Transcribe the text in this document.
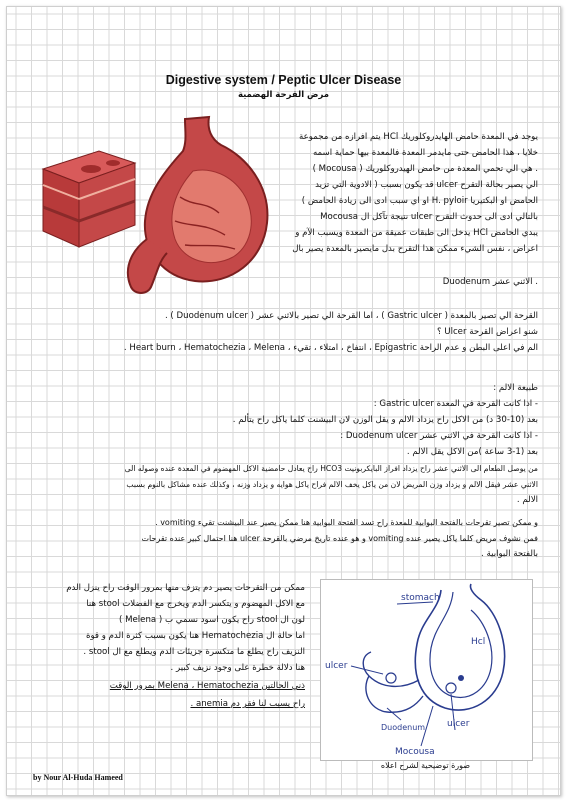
Digestive system / Peptic Ulcer Disease
مرض القرحة الهضمية
يوجد في المعدة حامض الهايدروكلوريك HCl يتم افرازه من مجموعة
خلايا ، هذا الحامض حتى مايدمر المعدة فالمعدة بيها حماية اسمه
( Mocousa ) هي الي تحمي المعدة من حامض الهيدروكلوريك .
الي يصير بحالة التقرح ulcer قد يكون بسبب ( الادوية التي تزيد
الحامض او البكتيريا H. pyloir او اي سبب ادى الى زيادة الحامض )
بالتالي ادى الى حدوث التقرح ulcer نتيجة تآكل ال Mocousa
يبدي الحامض HCl يدخل الى طبقات عميقة من المعدة ويسبب الآم و
اعراض ، نفس الشيء ممكن هذا التقرح بدل مايصير بالمعدة يصير بال
Duodenum الاثني عشر .
القرحة الي تصير بالمعدة ( Gastric ulcer ) ، اما القرحة الي تصير بالاثني عشر ( Duodenum ulcer ) .
شنو اعراض القرحة Ulcer ؟
الم في اعلى البطن و عدم الراحة Epigastric ، انتفاخ ، امتلاء ، تقيء ، Heart burn ، Hematochezia ، Melena .
طبيعة الالم :
- اذا كانت القرحة في المعدة Gastric ulcer :
بعد (10-30 د) من الاكل راح يزداد الالم و يقل الوزن لان البيشنت كلما ياكل راح يتألم .
- اذا كانت القرحة في الاثني عشر Duodenum ulcer :
بعد (1-3 ساعة )من الاكل يقل الالم .
من يوصل الطعام الى الاثني عشر راح يزداد افراز البايكربونيت HCO3 راح يعادل حامضية الاكل المهضوم في المعدة عنده وصوله الى
الاثني عشر فيقل الالم و يزداد وزن المريض لان من ياكل يخف الالم فراح ياكل هوايه و يزداد وزنه ، وكذلك عنده مشاكل بالنوم بسبب
الالم .
و ممكن تصير تقرحات بالفتحة البوابية للمعدة راح تسد الفتحة البوابية هنا ممكن يصير عند البيشنت تقيء vomiting .
فمن نشوف مريض كلما ياكل يصير عنده vomiting و هو عنده تاريخ مرضي بالقرحة ulcer هنا احتمال كبير عنده تقرحات
بالفتحة البوابية .
ممكن من التقرحات يصير دم يتزف منها بمرور الوقت راح ينزل الدم
مع الاكل المهضوم و يتكسر الدم ويخرج مع الفضلات stool هنا
لون ال stool راح يكون اسود نسمي ب ( Melena )
اما حالة ال Hematochezia هنا يكون بسبب كثرة الدم و قوة
النزيف راح يطلع ما متكسرة جزيئات الدم ويطلع مع ال stool .
هنا دلالة خطرة على وجود نزيف كبير .
ذني الحالتين Melena ، Hematochezia بمرور الوقت
راح يسبب لنا فقر دم anemia .
stomach
Hcl
ulcer
ulcer
Duodenum
Mocousa
صورة توضيحية لشرح اعلاه
by Nour Al-Huda Hameed
